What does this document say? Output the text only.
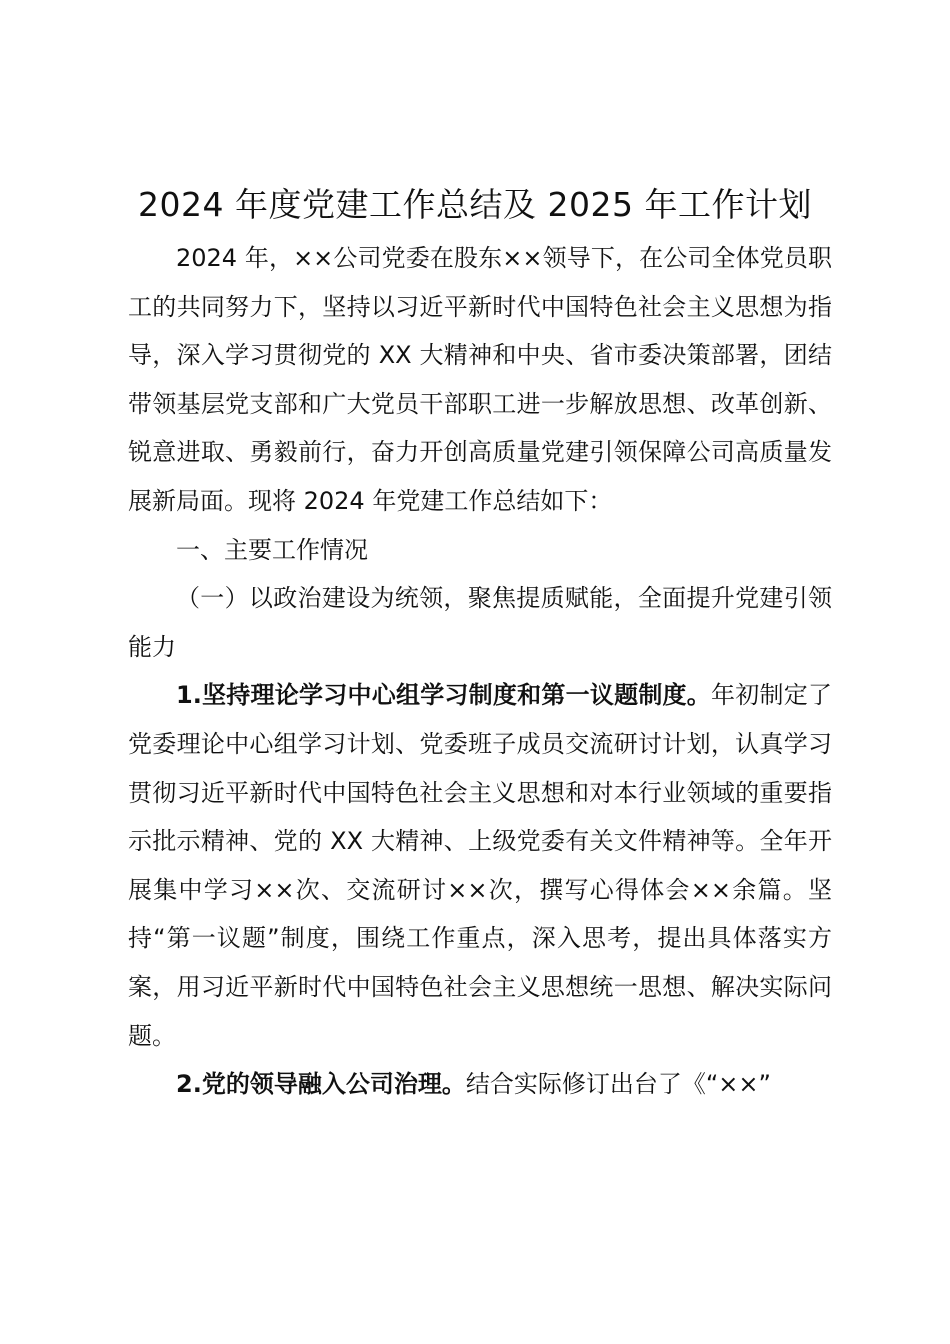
2024 年度党建工作总结及 2025 年工作计划

2024 年，××公司党委在股东××领导下，在公司全体党员职工的共同努力下，坚持以习近平新时代中国特色社会主义思想为指导，深入学习贯彻党的 XX 大精神和中央、省市委决策部署，团结带领基层党支部和广大党员干部职工进一步解放思想、改革创新、锐意进取、勇毅前行，奋力开创高质量党建引领保障公司高质量发展新局面。现将 2024 年党建工作总结如下：

一、主要工作情况

（一）以政治建设为统领，聚焦提质赋能，全面提升党建引领能力

1.坚持理论学习中心组学习制度和第一议题制度。年初制定了党委理论中心组学习计划、党委班子成员交流研讨计划，认真学习贯彻习近平新时代中国特色社会主义思想和对本行业领域的重要指示批示精神、党的 XX 大精神、上级党委有关文件精神等。全年开展集中学习××次、交流研讨××次，撰写心得体会××余篇。坚持“第一议题”制度，围绕工作重点，深入思考，提出具体落实方案，用习近平新时代中国特色社会主义思想统一思想、解决实际问题。

2.党的领导融入公司治理。结合实际修订出台了《“××”
